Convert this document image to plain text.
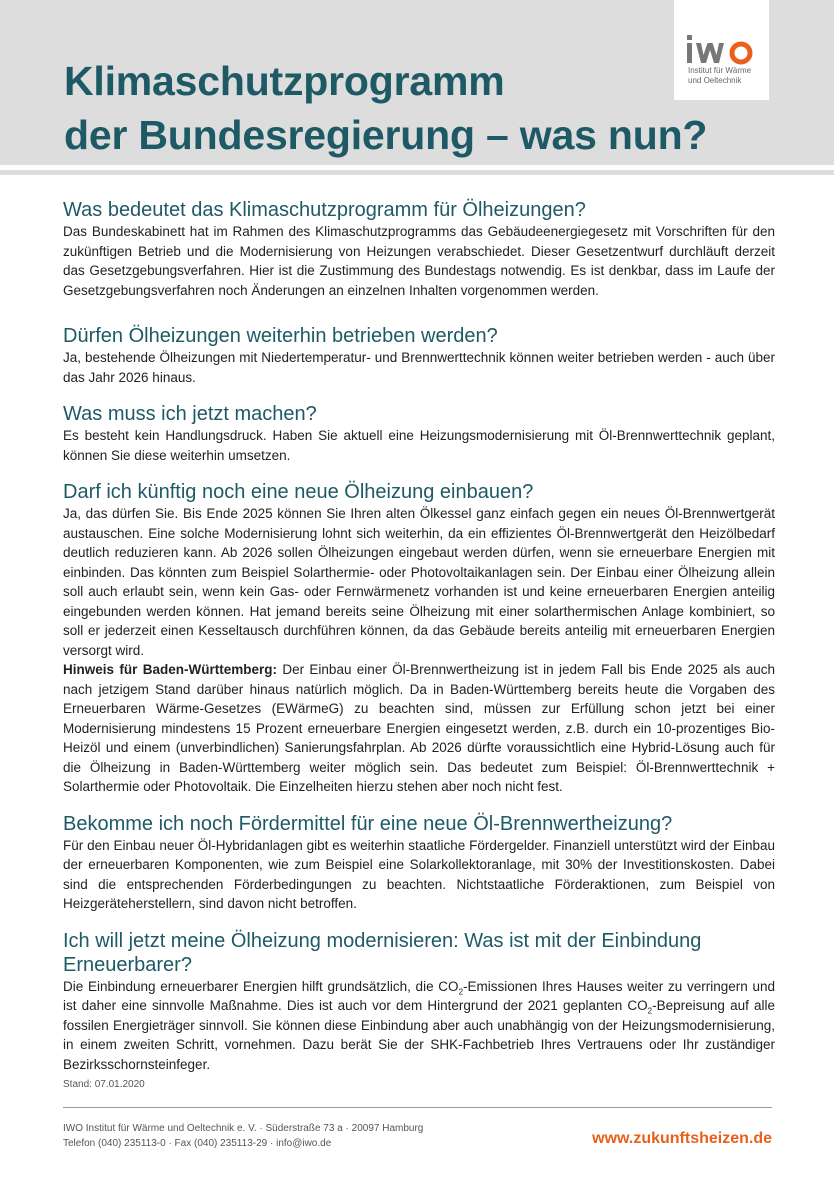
Klimaschutzprogramm
der Bundesregierung – was nun?
Institut für Wärme
und Oeltechnik
Was bedeutet das Klimaschutzprogramm für Ölheizungen?

Das Bundeskabinett hat im Rahmen des Klimaschutzprogramms das Gebäudeenergiegesetz mit Vorschriften für den zukünftigen Betrieb und die Modernisierung von Heizungen verabschiedet. Dieser Gesetzentwurf durchläuft derzeit das Gesetzgebungsverfahren. Hier ist die Zustimmung des Bundestags notwendig. Es ist denkbar, dass im Laufe der Gesetzgebungsverfahren noch Änderungen an einzelnen Inhalten vorgenommen werden.

Dürfen Ölheizungen weiterhin betrieben werden?

Ja, bestehende Ölheizungen mit Niedertemperatur- und Brennwerttechnik können weiter betrieben werden - auch über das Jahr 2026 hinaus.

Was muss ich jetzt machen?

Es besteht kein Handlungsdruck. Haben Sie aktuell eine Heizungsmodernisierung mit Öl-Brennwerttechnik geplant, können Sie diese weiterhin umsetzen.

Darf ich künftig noch eine neue Ölheizung einbauen?

Ja, das dürfen Sie. Bis Ende 2025 können Sie Ihren alten Ölkessel ganz einfach gegen ein neues Öl-Brennwertgerät austauschen. Eine solche Modernisierung lohnt sich weiterhin, da ein effizientes Öl-Brennwertgerät den Heizölbedarf deutlich reduzieren kann. Ab 2026 sollen Ölheizungen eingebaut werden dürfen, wenn sie erneuerbare Energien mit einbinden. Das könnten zum Beispiel Solarthermie- oder Photovoltaikanlagen sein. Der Einbau einer Ölheizung allein soll auch erlaubt sein, wenn kein Gas- oder Fernwärmenetz vorhanden ist und keine erneuerbaren Energien anteilig eingebunden werden können. Hat jemand bereits seine Ölheizung mit einer solarthermischen Anlage kombiniert, so soll er jederzeit einen Kesseltausch durchführen können, da das Gebäude bereits anteilig mit erneuerbaren Energien versorgt wird.

Hinweis für Baden-Württemberg: Der Einbau einer Öl-Brennwertheizung ist in jedem Fall bis Ende 2025 als auch nach jetzigem Stand darüber hinaus natürlich möglich. Da in Baden-Württemberg bereits heute die Vorgaben des Erneuerbaren Wärme-Gesetzes (EWärmeG) zu beachten sind, müssen zur Erfüllung schon jetzt bei einer Modernisierung mindestens 15 Prozent erneuerbare Energien eingesetzt werden, z.B. durch ein 10-prozentiges Bio-Heizöl und einem (unverbindlichen) Sanierungsfahrplan. Ab 2026 dürfte voraussichtlich eine Hybrid-Lösung auch für die Ölheizung in Baden-Württemberg weiter möglich sein. Das bedeutet zum Beispiel: Öl-Brennwerttechnik + Solarthermie oder Photovoltaik. Die Einzelheiten hierzu stehen aber noch nicht fest.

Bekomme ich noch Fördermittel für eine neue Öl-Brennwertheizung?

Für den Einbau neuer Öl-Hybridanlagen gibt es weiterhin staatliche Fördergelder. Finanziell unterstützt wird der Einbau der erneuerbaren Komponenten, wie zum Beispiel eine Solarkollektoranlage, mit 30% der Investitionskosten. Dabei sind die entsprechenden Förderbedingungen zu beachten. Nichtstaatliche Förderaktionen, zum Beispiel von Heizgeräteherstellern, sind davon nicht betroffen.

Ich will jetzt meine Ölheizung modernisieren: Was ist mit der Einbindung Erneuerbarer?

Die Einbindung erneuerbarer Energien hilft grundsätzlich, die $CO_2$-Emissionen Ihres Hauses weiter zu verringern und ist daher eine sinnvolle Maßnahme. Dies ist auch vor dem Hintergrund der 2021 geplanten $CO_2$-Bepreisung auf alle fossilen Energieträger sinnvoll. Sie können diese Einbindung aber auch unabhängig von der Heizungsmodernisierung, in einem zweiten Schritt, vornehmen. Dazu berät Sie der SHK-Fachbetrieb Ihres Vertrauens oder Ihr zuständiger Bezirksschornsteinfeger.

Stand: 07.01.2020
IWO Institut für Wärme und Oeltechnik e. V. · Süderstraße 73 a · 20097 Hamburg
Telefon (040) 235113-0 · Fax (040) 235113-29 · info@iwo.de	www.zukunftsheizen.de
